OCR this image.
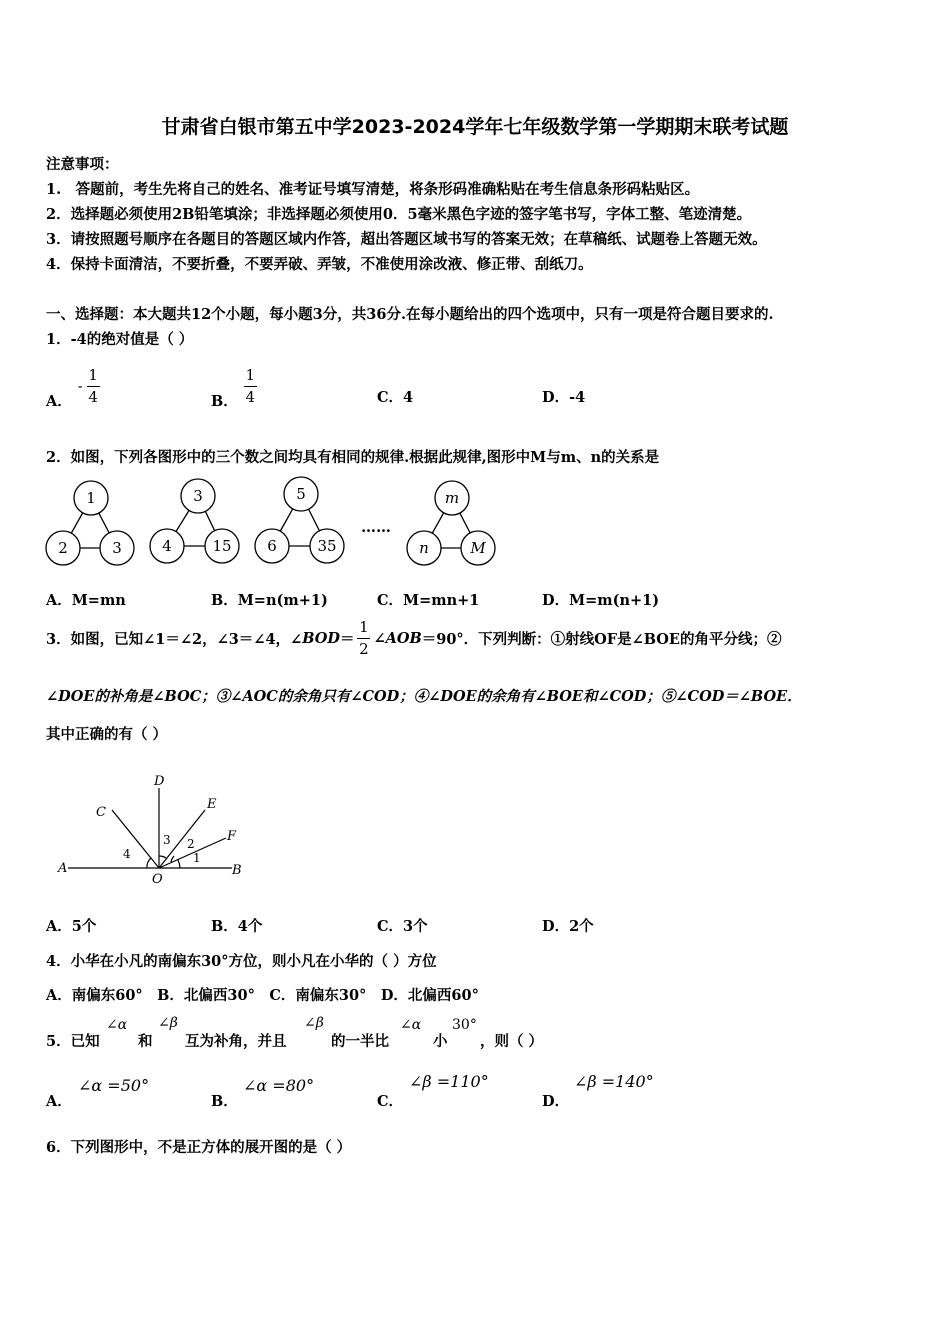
甘肃省白银市第五中学2023-2024学年七年级数学第一学期期末联考试题
注意事项：
1.　答题前，考生先将自己的姓名、准考证号填写清楚，将条形码准确粘贴在考生信息条形码粘贴区。
2．选择题必须使用2B铅笔填涂；非选择题必须使用0．5毫米黑色字迹的签字笔书写，字体工整、笔迹清楚。
3．请按照题号顺序在各题目的答题区域内作答，超出答题区域书写的答案无效；在草稿纸、试题卷上答题无效。
4．保持卡面清洁，不要折叠，不要弄破、弄皱，不准使用涂改液、修正带、刮纸刀。
一、选择题：本大题共12个小题，每小题3分，共36分.在每小题给出的四个选项中，只有一项是符合题目要求的.
1．-4的绝对值是（ ）
A．
- $\frac{1}{4}$	B． $\frac{1}{4}$	C．4	D．-4
2．如图，下列各图形中的三个数之间均具有相同的规律.根据此规律,图形中M与m、n的关系是
1
2	3
3
4	15
5
6	35
……
m
n	M
A．M=mn	B．M=n(m+1)	C．M=mn+1	D．M=m(n+1)
3．如图，已知∠1＝∠2，∠3＝∠4，∠ BOD ＝ $\frac{1}{2}$ ∠ AOB ＝90°．下列判断：①射线OF是∠BOE的角平分线；②
∠DOE的补角是∠BOC；③∠AOC的余角只有∠COD；④∠DOE的余角有∠BOE和∠COD；⑤∠COD＝∠BOE．
其中正确的有（ ）
D
C
E
F
A
O
B
4
3 2
1
A．5个	B．4个	C．3个	D．2个
4．小华在小凡的南偏东30°方位，则小凡在小华的（ ）方位
A．南偏东60°　B．北偏西30°　C．南偏东30°　D．北偏西60°
5．已知
∠α
和
∠β
互为补角，并且
∠β
的一半比
∠α
小
30°
，则（ ）
A．
∠α =50°
B．
∠α =80°
C．
∠β =110°
D．
∠β =140°
6．下列图形中，不是正方体的展开图的是（ ）
